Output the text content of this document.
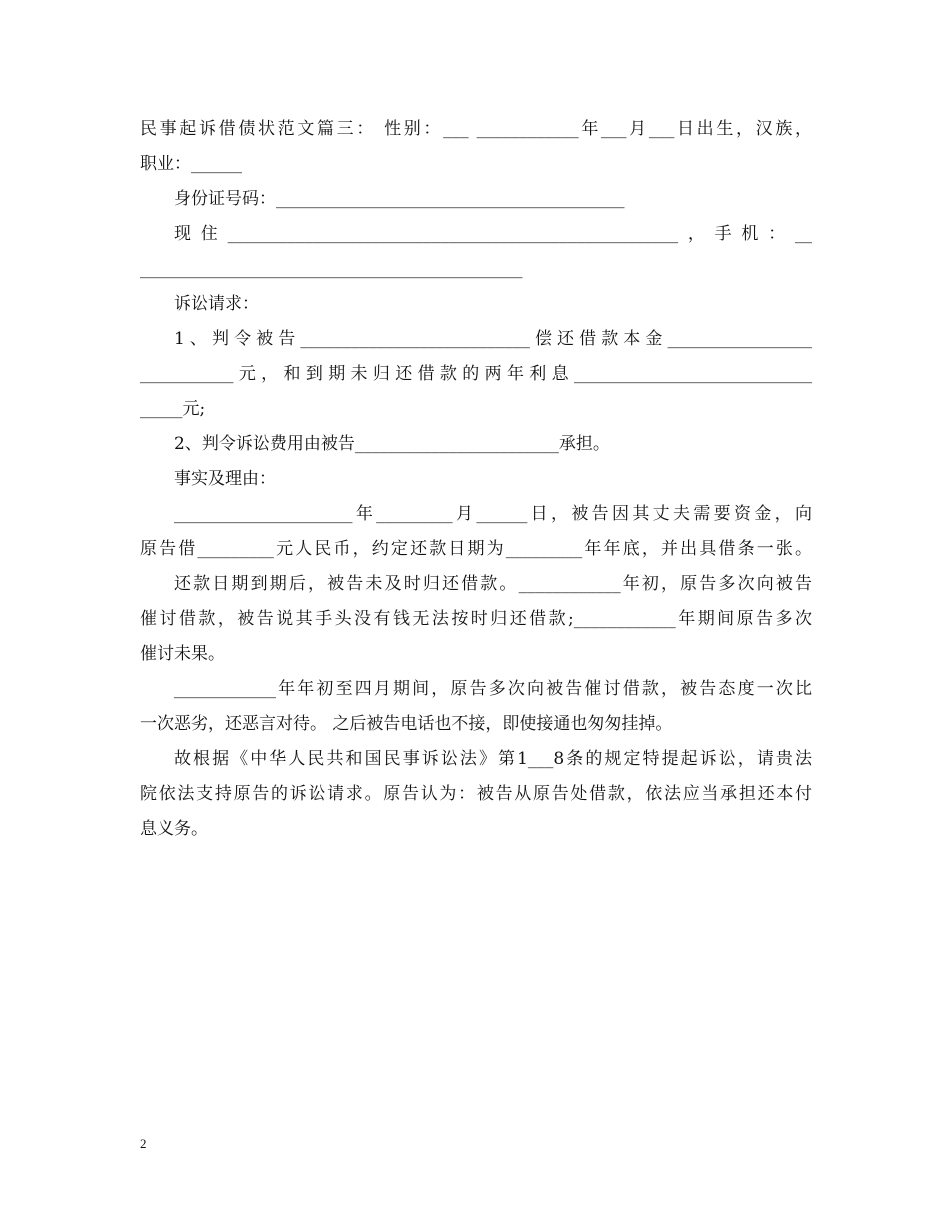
民事起诉借债状范文篇三： 性别：___ ____________年___月___日出生，汉族，

职业：______

身份证号码：_________________________________________

现住_____________________________________________________，手机：__

_____________________________________________

诉讼请求：

1、判令被告___________________________偿还借款本金_________________

___________元，和到期未归还借款的两年利息____________________________

_____元;

2、判令诉讼费用由被告________________________承担。

事实及理由：

_____________________年_________月______日，被告因其丈夫需要资金，向

原告借_________元人民币，约定还款日期为_________年年底，并出具借条一张。

还款日期到期后，被告未及时归还借款。____________年初，原告多次向被告

催讨借款，被告说其手头没有钱无法按时归还借款;____________年期间原告多次

催讨未果。

____________年年初至四月期间，原告多次向被告催讨借款，被告态度一次比

一次恶劣，还恶言对待。 之后被告电话也不接，即使接通也匆匆挂掉。

故根据《中华人民共和国民事诉讼法》第1___8条的规定特提起诉讼，请贵法

院依法支持原告的诉讼请求。原告认为：被告从原告处借款，依法应当承担还本付

息义务。

2
